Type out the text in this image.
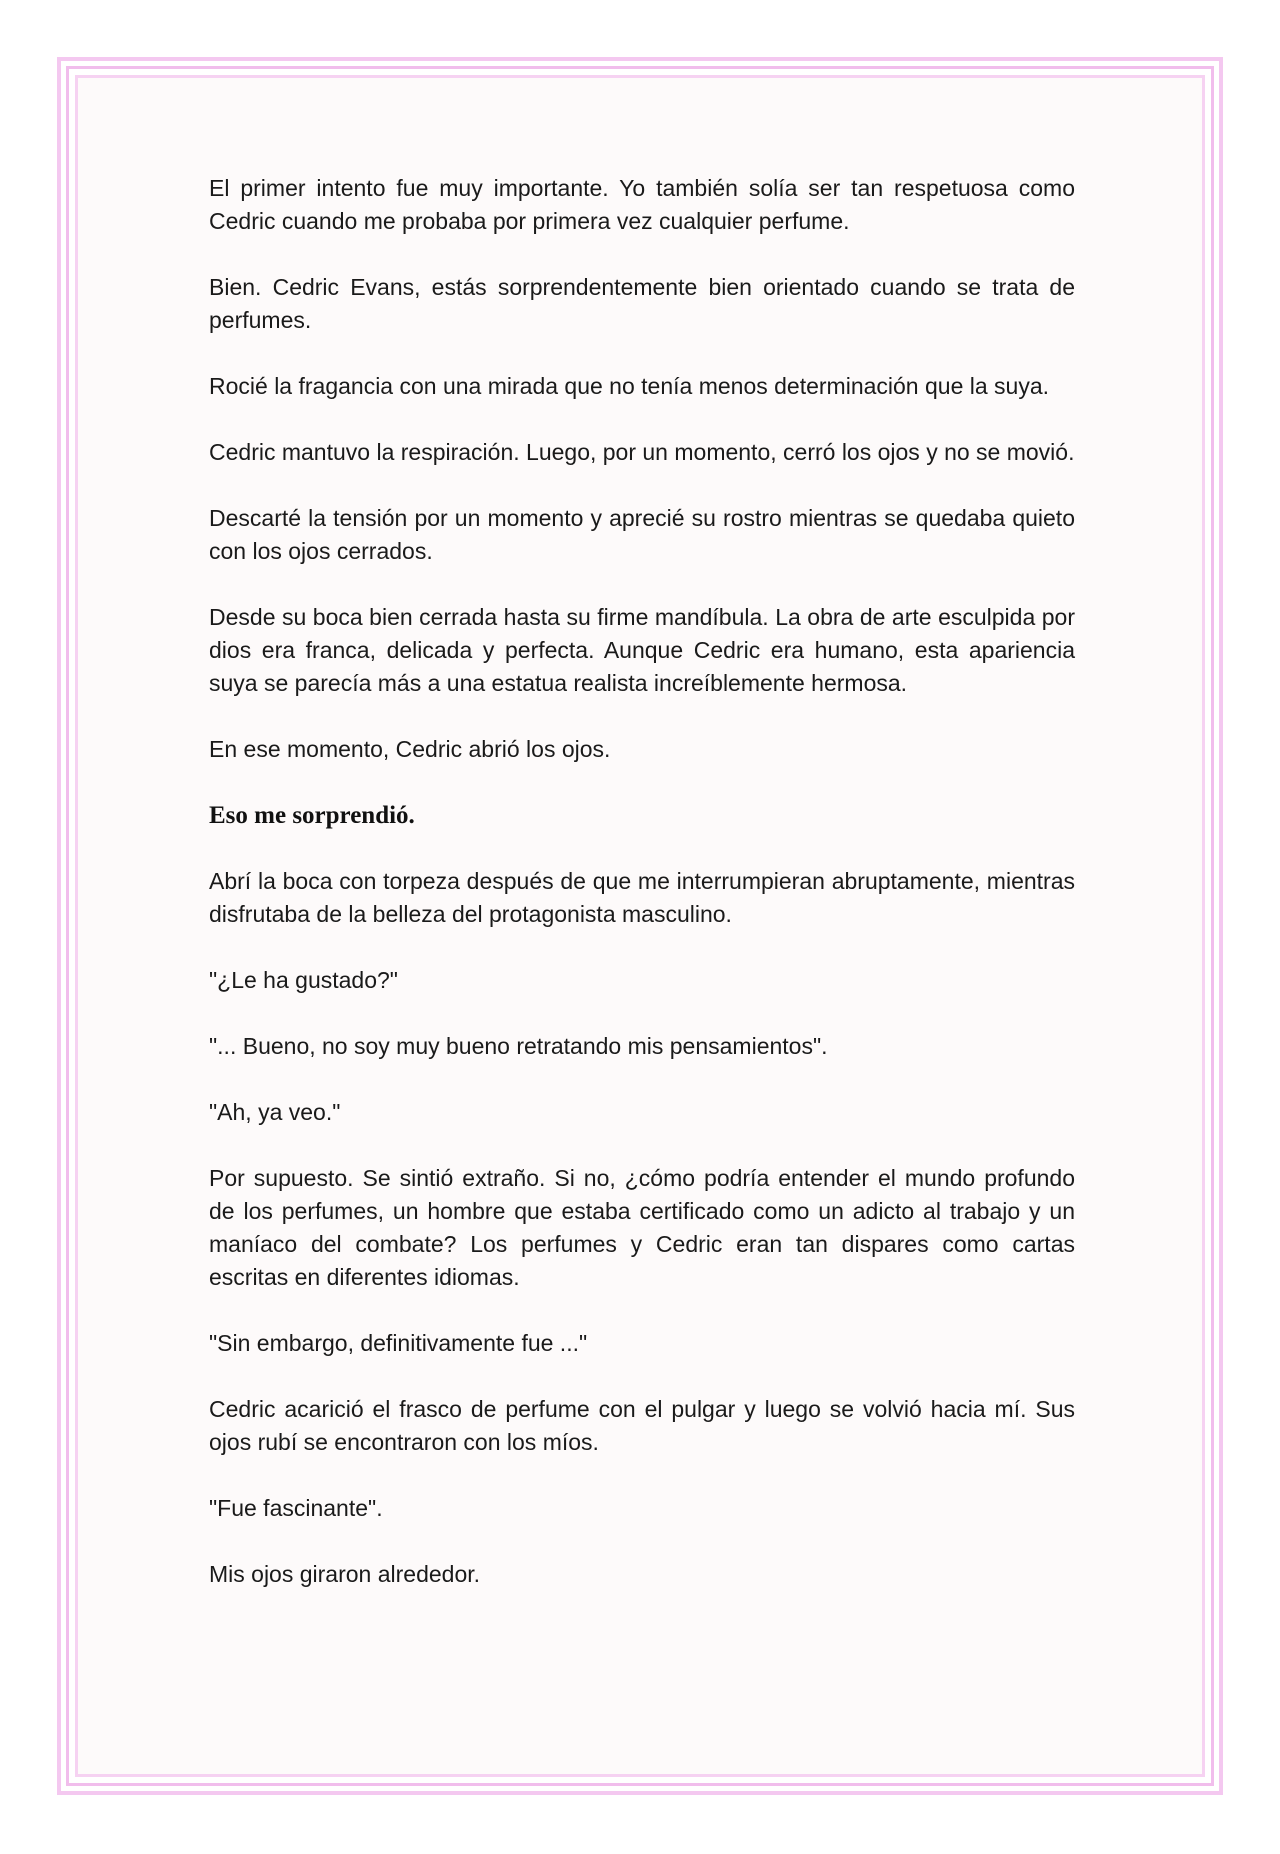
El primer intento fue muy importante. Yo también solía ser tan respetuosa como Cedric cuando me probaba por primera vez cualquier perfume.

Bien. Cedric Evans, estás sorprendentemente bien orientado cuando se trata de perfumes.

Rocié la fragancia con una mirada que no tenía menos determinación que la suya.

Cedric mantuvo la respiración. Luego, por un momento, cerró los ojos y no se movió.

Descarté la tensión por un momento y aprecié su rostro mientras se quedaba quieto con los ojos cerrados.

Desde su boca bien cerrada hasta su firme mandíbula. La obra de arte esculpida por dios era franca, delicada y perfecta. Aunque Cedric era humano, esta apariencia suya se parecía más a una estatua realista increíblemente hermosa.

En ese momento, Cedric abrió los ojos.

Eso me sorprendió.

Abrí la boca con torpeza después de que me interrumpieran abruptamente, mientras disfrutaba de la belleza del protagonista masculino.

"¿Le ha gustado?"

"... Bueno, no soy muy bueno retratando mis pensamientos".

"Ah, ya veo."

Por supuesto. Se sintió extraño. Si no, ¿cómo podría entender el mundo profundo de los perfumes, un hombre que estaba certificado como un adicto al trabajo y un maníaco del combate? Los perfumes y Cedric eran tan dispares como cartas escritas en diferentes idiomas.

"Sin embargo, definitivamente fue ..."

Cedric acarició el frasco de perfume con el pulgar y luego se volvió hacia mí. Sus ojos rubí se encontraron con los míos.

"Fue fascinante".

Mis ojos giraron alrededor.
